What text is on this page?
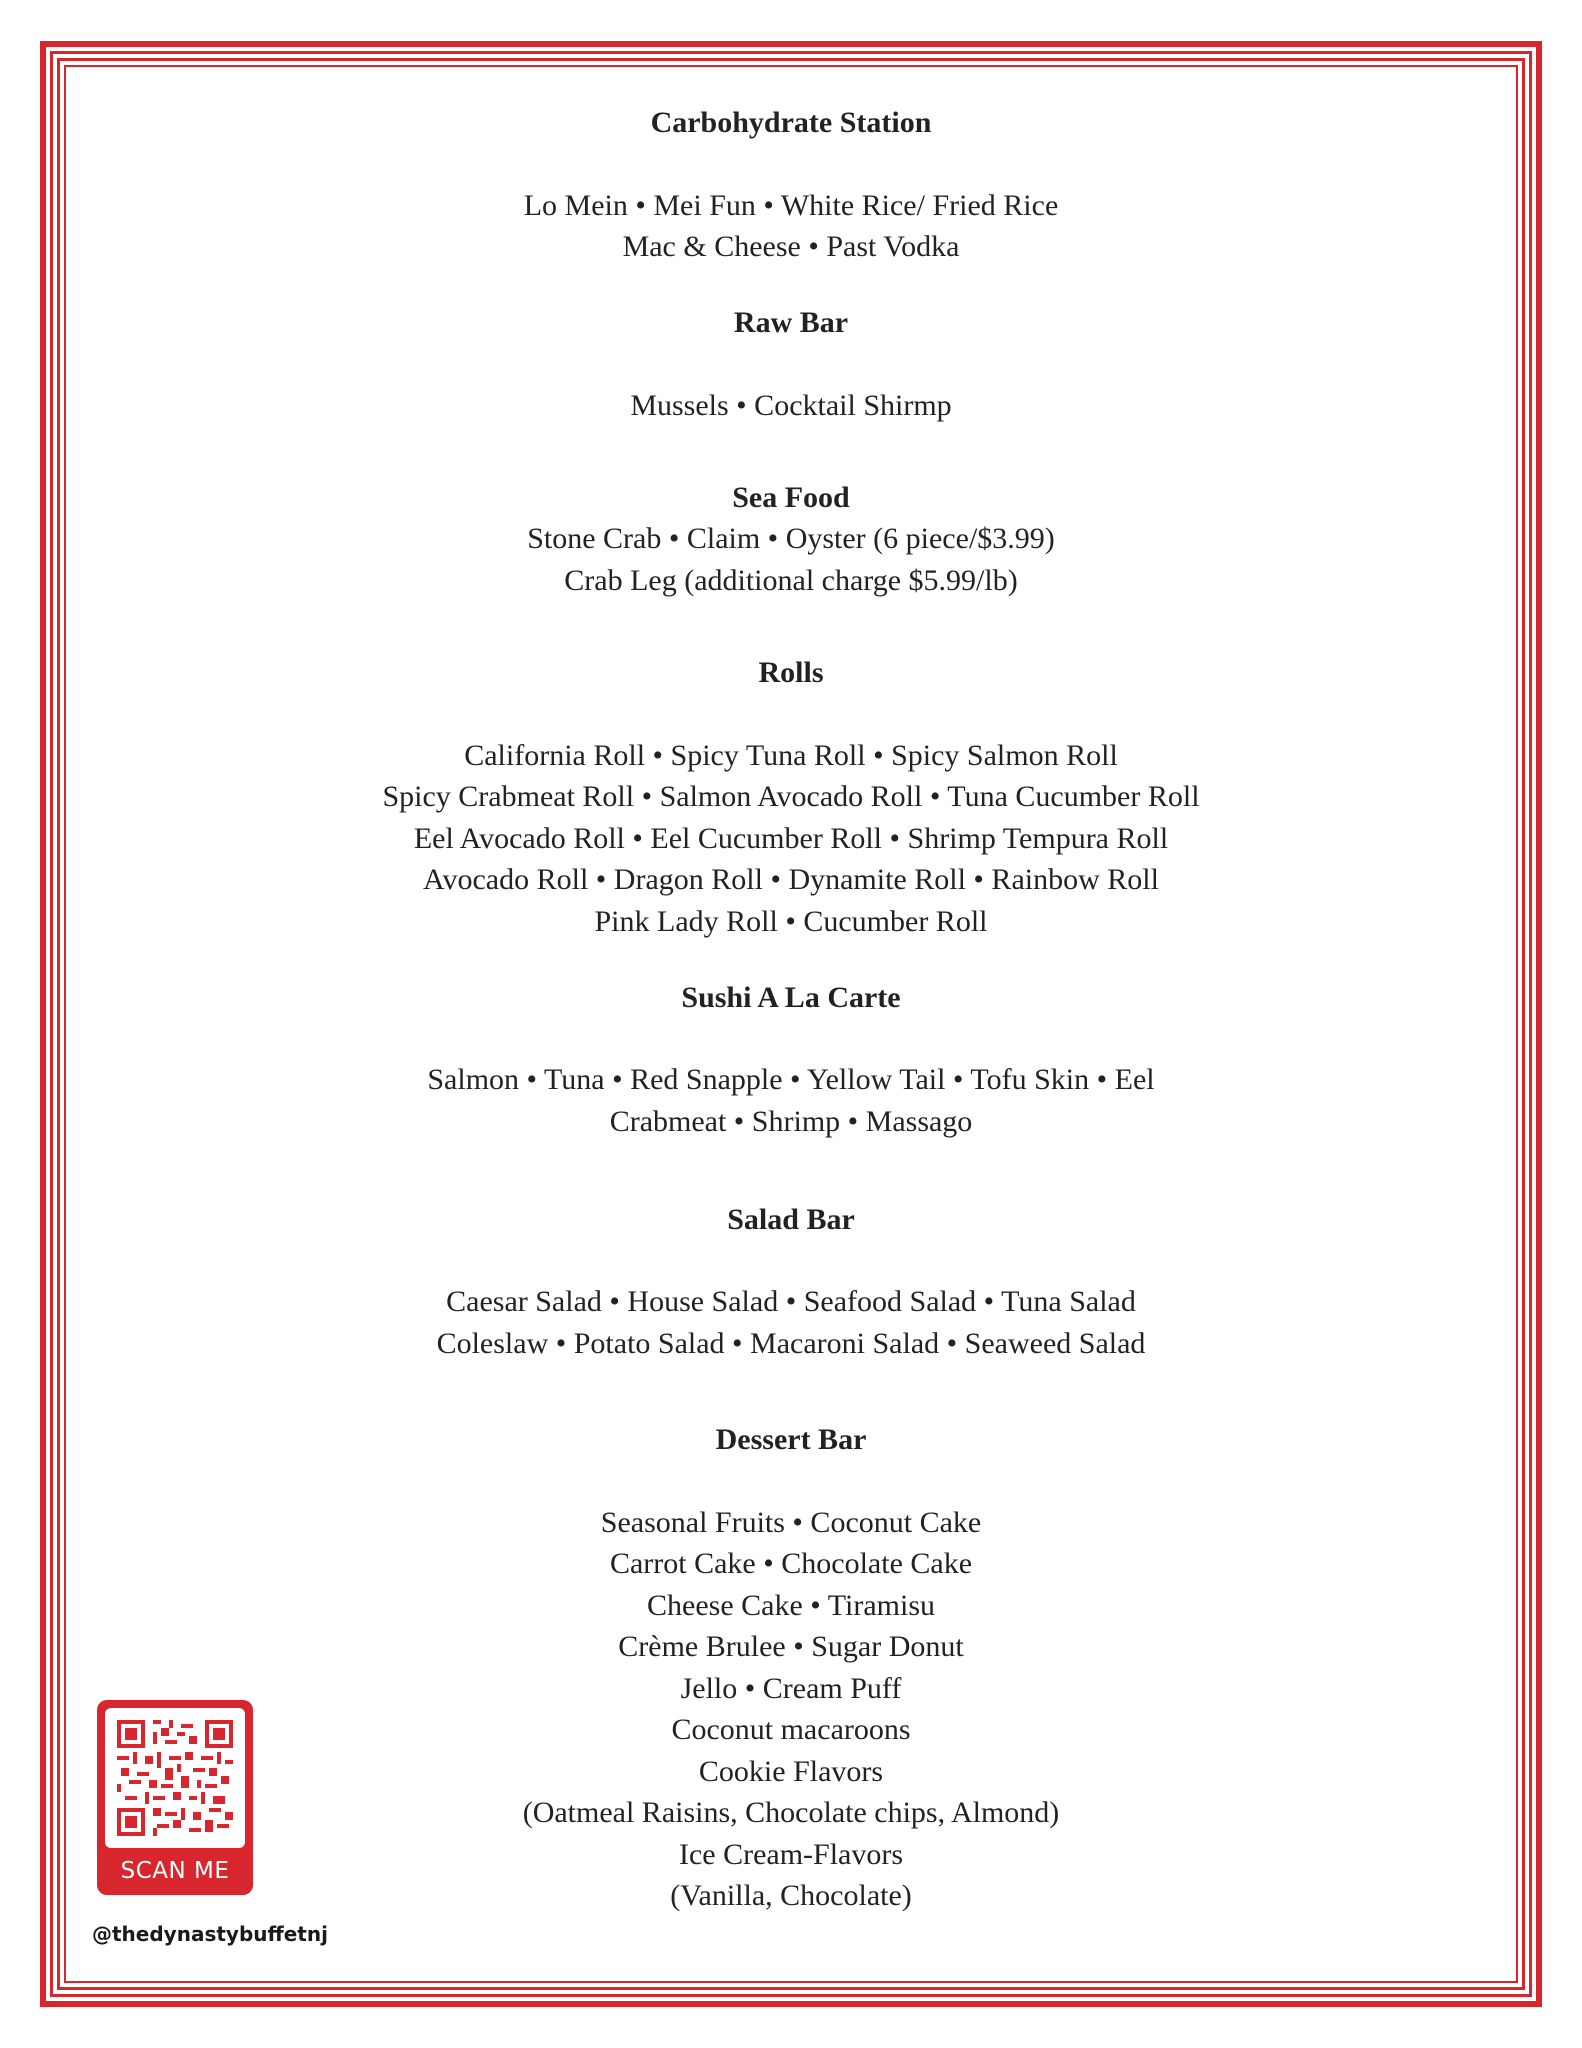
Carbohydrate Station
Lo Mein • Mei Fun • White Rice/ Fried Rice
Mac & Cheese • Past Vodka
Raw Bar
Mussels • Cocktail Shirmp
Sea Food
Stone Crab • Claim • Oyster (6 piece/$3.99)
Crab Leg (additional charge $5.99/lb)
Rolls
California Roll • Spicy Tuna Roll • Spicy Salmon Roll
Spicy Crabmeat Roll • Salmon Avocado Roll • Tuna Cucumber Roll
Eel Avocado Roll • Eel Cucumber Roll • Shrimp Tempura Roll
Avocado Roll • Dragon Roll • Dynamite Roll • Rainbow Roll
Pink Lady Roll • Cucumber Roll
Sushi A La Carte
Salmon • Tuna • Red Snapple • Yellow Tail • Tofu Skin • Eel
Crabmeat • Shrimp • Massago
Salad Bar
Caesar Salad • House Salad • Seafood Salad • Tuna Salad
Coleslaw • Potato Salad • Macaroni Salad • Seaweed Salad
Dessert Bar
Seasonal Fruits • Coconut Cake
Carrot Cake • Chocolate Cake
Cheese Cake • Tiramisu
Crème Brulee • Sugar Donut
Jello • Cream Puff
Coconut macaroons
Cookie Flavors
(Oatmeal Raisins, Chocolate chips, Almond)
Ice Cream-Flavors
(Vanilla, Chocolate)
SCAN ME
@thedynastybuffetnj
